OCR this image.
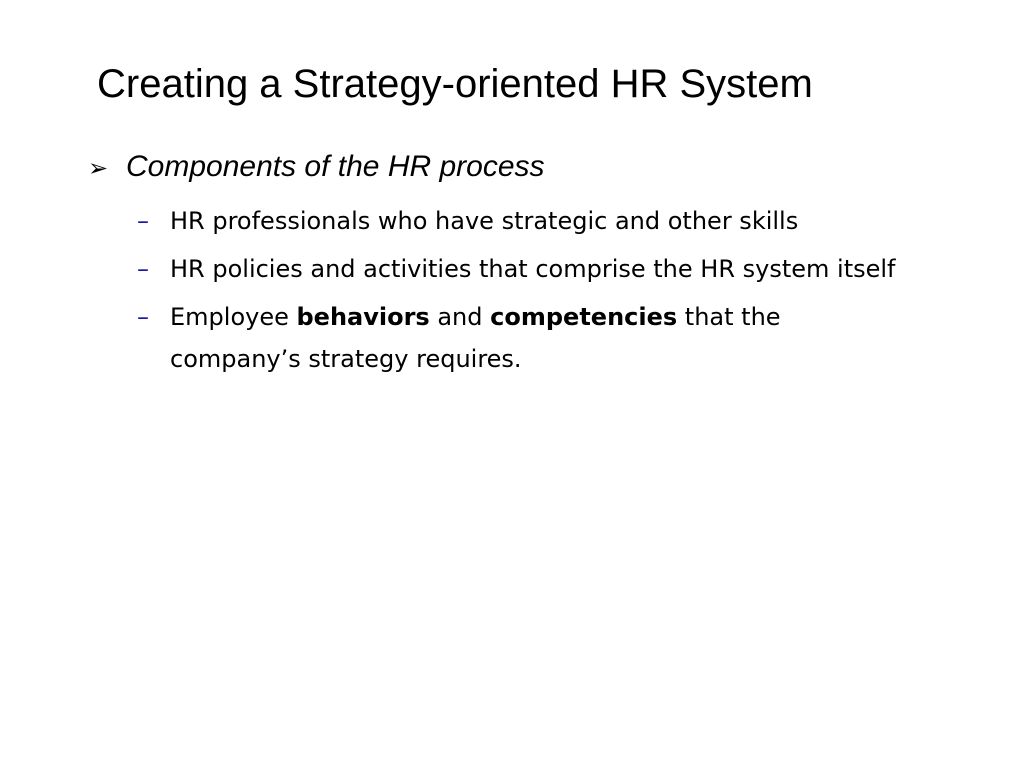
Creating a Strategy-oriented HR System
➢ Components of the HR process
– HR professionals who have strategic and other skills
– HR policies and activities that comprise the HR system itself
– Employee behaviors and competencies that the company’s strategy requires.
